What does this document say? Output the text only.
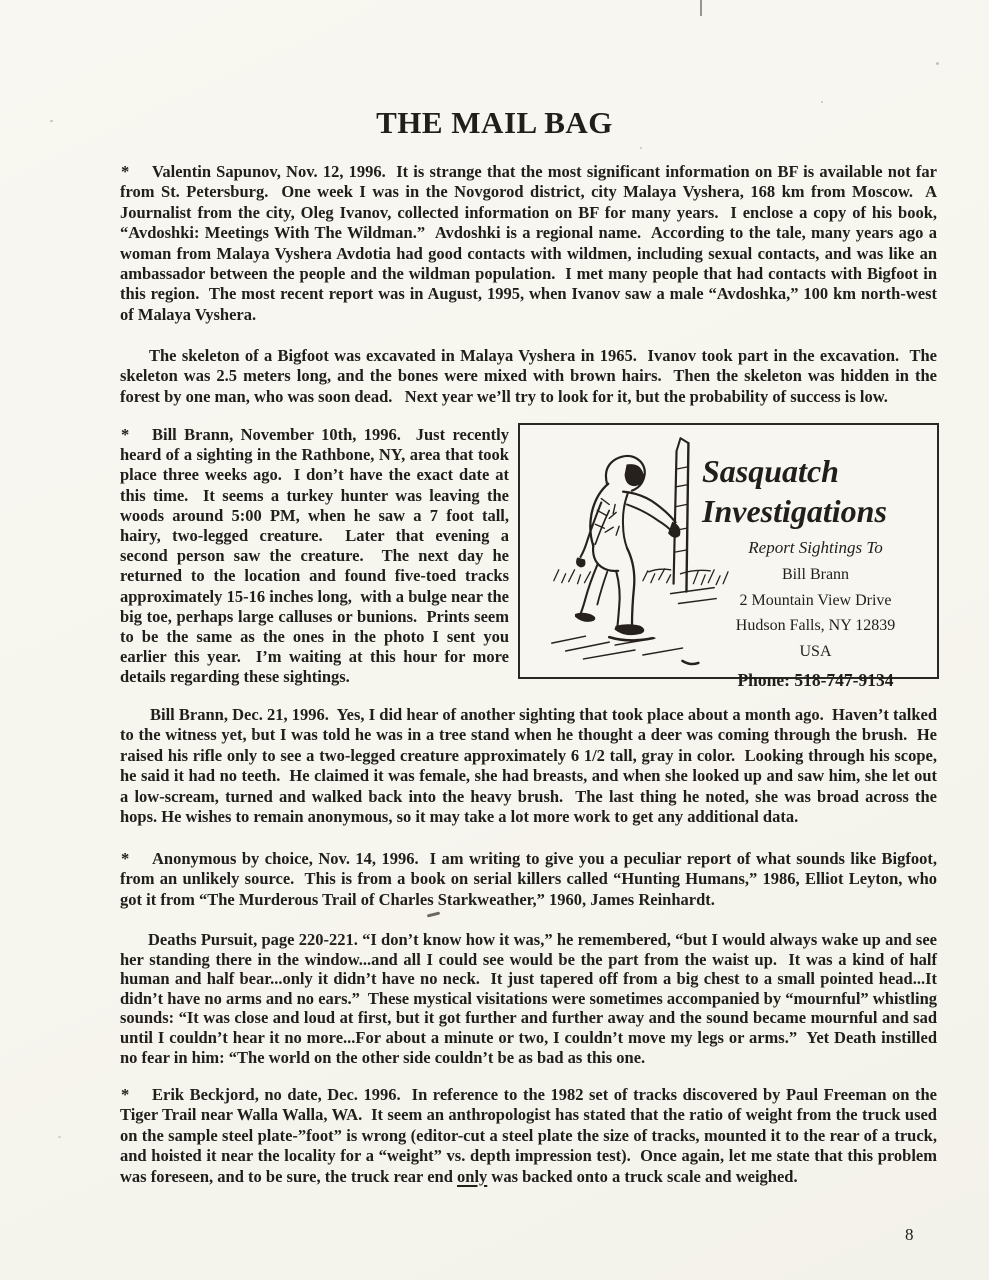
THE MAIL BAG

* Valentin Sapunov, Nov. 12, 1996.  It is strange that the most significant information on BF is available not far from St. Petersburg.  One week I was in the Novgorod district, city Malaya Vyshera, 168 km from Moscow.  A Journalist from the city, Oleg Ivanov, collected information on BF for many years.  I enclose a copy of his book, “Avdoshki: Meetings With The Wildman.”  Avdoshki is a regional name.  According to the tale, many years ago a woman from Malaya Vyshera Avdotia had good contacts with wildmen, including sexual contacts, and was like an ambassador between the people and the wildman population.  I met many people that had contacts with Bigfoot in this region.  The most recent report was in August, 1995, when Ivanov saw a male “Avdoshka,” 100 km north-west of Malaya Vyshera.

The skeleton of a Bigfoot was excavated in Malaya Vyshera in 1965.  Ivanov took part in the excavation.  The skeleton was 2.5 meters long, and the bones were mixed with brown hairs.  Then the skeleton was hidden in the forest by one man, who was soon dead.   Next year we’ll try to look for it, but the probability of success is low.

* Bill Brann, November 10th, 1996.  Just recently heard of a sighting in the Rathbone, NY, area that took place three weeks ago.  I don’t have the exact date at this time.  It seems a turkey hunter was leaving the woods around 5:00 PM, when he saw a 7 foot tall, hairy, two-legged creature.  Later that evening a second person saw the creature.  The next day he returned to the location and found five-toed tracks approximately 15-16 inches long,  with a bulge near the big toe, perhaps large calluses or bunions.  Prints seem to be the same as the ones in the photo I sent you earlier this year.  I’m waiting at this hour for more details regarding these sightings.

Sasquatch
Investigations
Report Sightings To
Bill Brann
2 Mountain View Drive
Hudson Falls, NY 12839
USA
Phone: 518-747-9134

Bill Brann, Dec. 21, 1996.  Yes, I did hear of another sighting that took place about a month ago.  Haven’t talked to the witness yet, but I was told he was in a tree stand when he thought a deer was coming through the brush.  He raised his rifle only to see a two-legged creature approximately 6 1/2 tall, gray in color.  Looking through his scope, he said it had no teeth.  He claimed it was female, she had breasts, and when she looked up and saw him, she let out a low-scream, turned and walked back into the heavy brush.  The last thing he noted, she was broad across the hops. He wishes to remain anonymous, so it may take a lot more work to get any additional data.

* Anonymous by choice, Nov. 14, 1996.  I am writing to give you a peculiar report of what sounds like Bigfoot, from an unlikely source.  This is from a book on serial killers called “Hunting Humans,” 1986, Elliot Leyton, who got it from “The Murderous Trail of Charles Starkweather,” 1960, James Reinhardt.

Deaths Pursuit, page 220-221. “I don’t know how it was,” he remembered, “but I would always wake up and see her standing there in the window...and all I could see would be the part from the waist up.  It was a kind of half human and half bear...only it didn’t have no neck.  It just tapered off from a big chest to a small pointed head...It didn’t have no arms and no ears.”  These mystical visitations were sometimes accompanied by “mournful” whistling sounds: “It was close and loud at first, but it got further and further away and the sound became mournful and sad until I couldn’t hear it no more...For about a minute or two, I couldn’t move my legs or arms.”  Yet Death instilled no fear in him: “The world on the other side couldn’t be as bad as this one.

* Erik Beckjord, no date, Dec. 1996.  In reference to the 1982 set of tracks discovered by Paul Freeman on the Tiger Trail near Walla Walla, WA.  It seem an anthropologist has stated that the ratio of weight from the truck used on the sample steel plate-”foot” is wrong (editor-cut a steel plate the size of tracks, mounted it to the rear of a truck, and hoisted it near the locality for a “weight” vs. depth impression test).  Once again, let me state that this problem was foreseen, and to be sure, the truck rear end only was backed onto a truck scale and weighed.

8
